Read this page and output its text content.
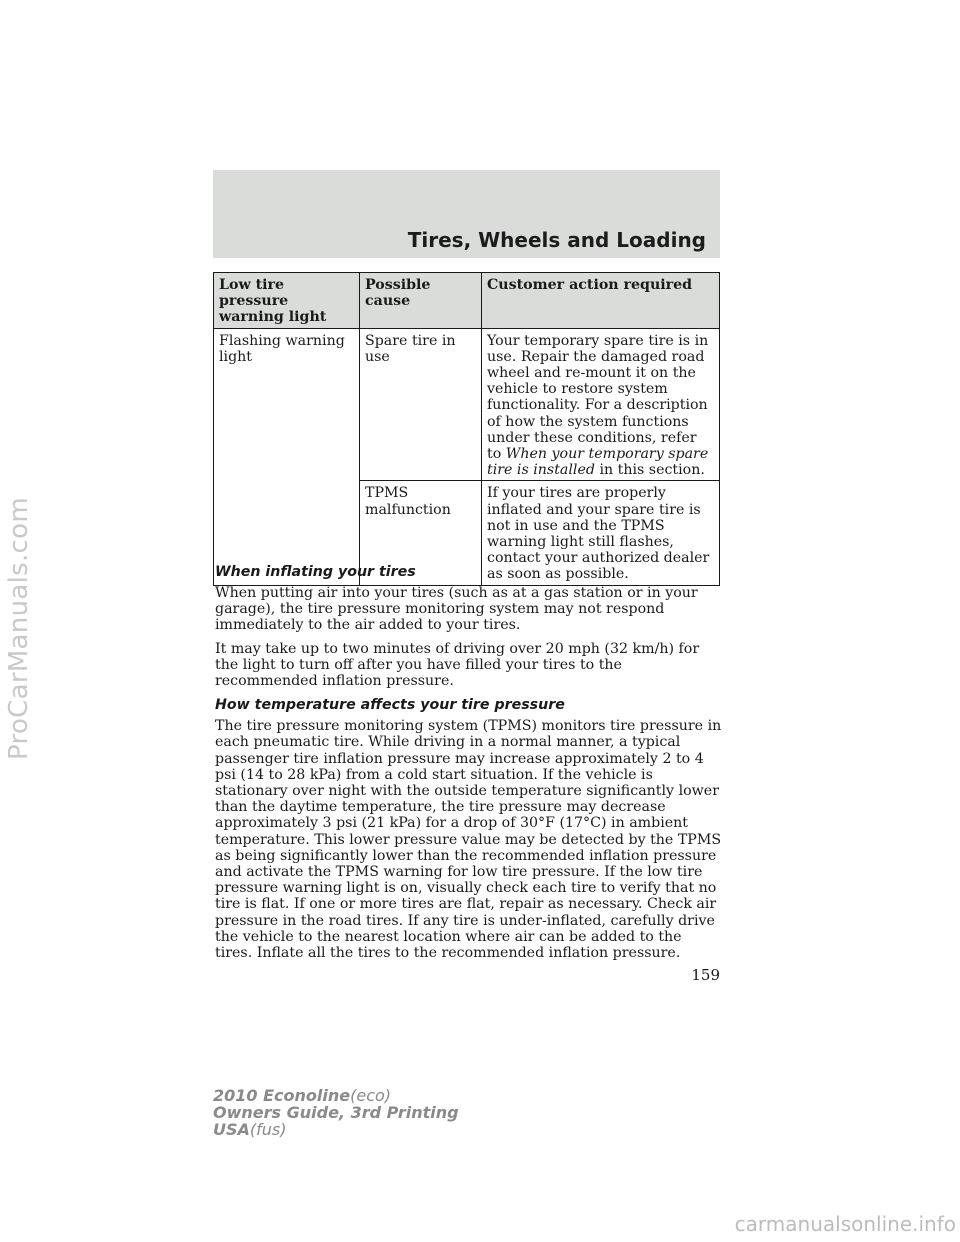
ProCarManuals.com
Tires, Wheels and Loading
Low tire pressure warning light	Possible cause	Customer action required
Flashing warning light	Spare tire in use	Your temporary spare tire is in use. Repair the damaged road wheel and re-mount it on the vehicle to restore system functionality. For a description of how the system functions under these conditions, refer to When your temporary spare tire is installed in this section.
	TPMS malfunction	If your tires are properly inflated and your spare tire is not in use and the TPMS warning light still flashes, contact your authorized dealer as soon as possible.
When inflating your tires

When putting air into your tires (such as at a gas station or in your garage), the tire pressure monitoring system may not respond immediately to the air added to your tires.

It may take up to two minutes of driving over 20 mph (32 km/h) for the light to turn off after you have filled your tires to the recommended inflation pressure.

How temperature affects your tire pressure

The tire pressure monitoring system (TPMS) monitors tire pressure in each pneumatic tire. While driving in a normal manner, a typical passenger tire inflation pressure may increase approximately 2 to 4 psi (14 to 28 kPa) from a cold start situation. If the vehicle is stationary over night with the outside temperature significantly lower than the daytime temperature, the tire pressure may decrease approximately 3 psi (21 kPa) for a drop of 30°F (17°C) in ambient temperature. This lower pressure value may be detected by the TPMS as being significantly lower than the recommended inflation pressure and activate the TPMS warning for low tire pressure. If the low tire pressure warning light is on, visually check each tire to verify that no tire is flat. If one or more tires are flat, repair as necessary. Check air pressure in the road tires. If any tire is under-inflated, carefully drive the vehicle to the nearest location where air can be added to the tires. Inflate all the tires to the recommended inflation pressure.

159
2010 Econoline(eco)
Owners Guide, 3rd Printing
USA(fus)
carmanualsonline.info
